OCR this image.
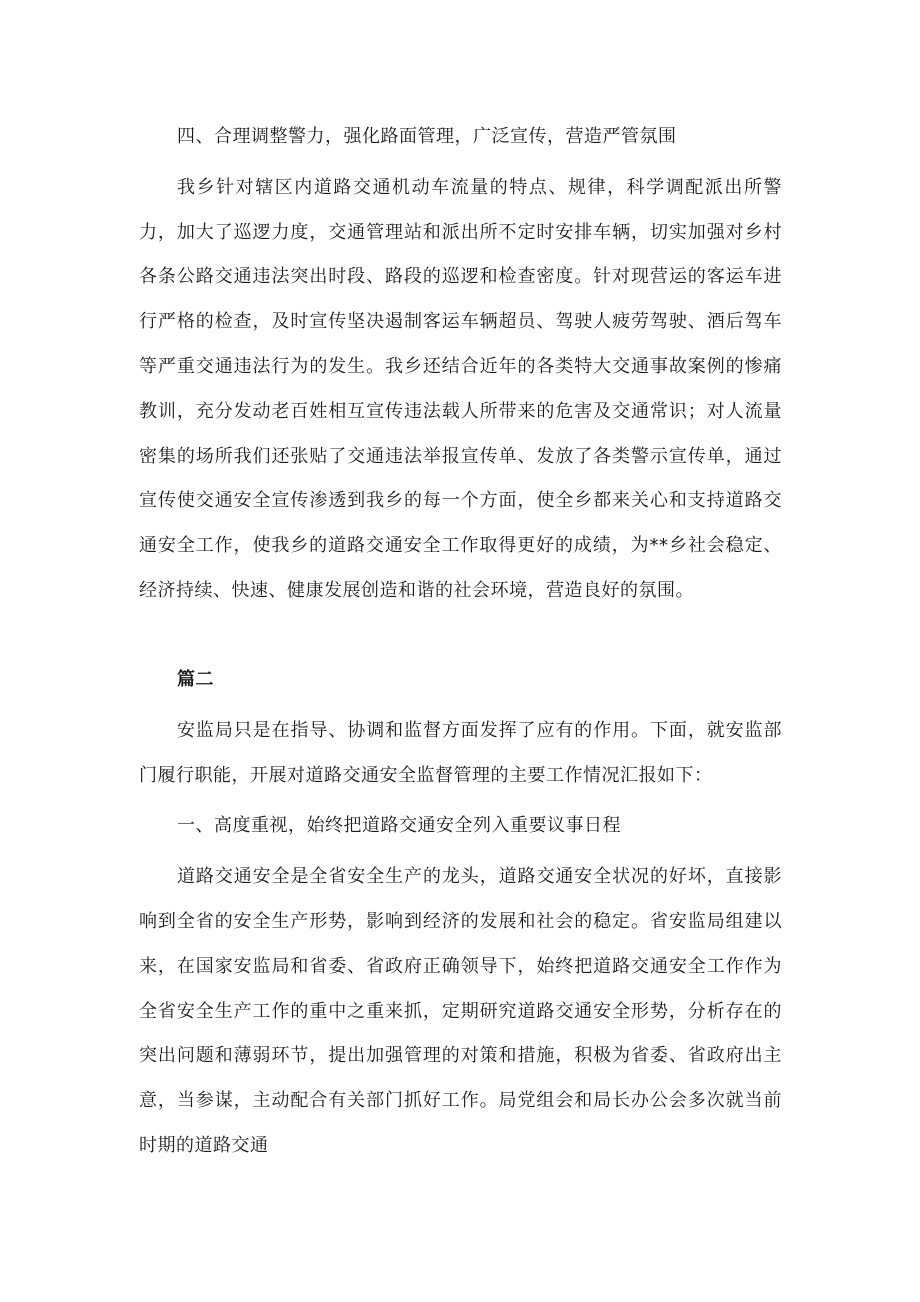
四、合理调整警力，强化路面管理，广泛宣传，营造严管氛围

我乡针对辖区内道路交通机动车流量的特点、规律，科学调配派出所警力，加大了巡逻力度，交通管理站和派出所不定时安排车辆，切实加强对乡村各条公路交通违法突出时段、路段的巡逻和检查密度。针对现营运的客运车进行严格的检查，及时宣传坚决遏制客运车辆超员、驾驶人疲劳驾驶、酒后驾车等严重交通违法行为的发生。我乡还结合近年的各类特大交通事故案例的惨痛教训，充分发动老百姓相互宣传违法载人所带来的危害及交通常识；对人流量密集的场所我们还张贴了交通违法举报宣传单、发放了各类警示宣传单，通过宣传使交通安全宣传渗透到我乡的每一个方面，使全乡都来关心和支持道路交通安全工作，使我乡的道路交通安全工作取得更好的成绩，为**乡社会稳定、经济持续、快速、健康发展创造和谐的社会环境，营造良好的氛围。

篇二

安监局只是在指导、协调和监督方面发挥了应有的作用。下面，就安监部门履行职能，开展对道路交通安全监督管理的主要工作情况汇报如下：

一、高度重视，始终把道路交通安全列入重要议事日程

道路交通安全是全省安全生产的龙头，道路交通安全状况的好坏，直接影响到全省的安全生产形势，影响到经济的发展和社会的稳定。省安监局组建以来，在国家安监局和省委、省政府正确领导下，始终把道路交通安全工作作为全省安全生产工作的重中之重来抓，定期研究道路交通安全形势，分析存在的突出问题和薄弱环节，提出加强管理的对策和措施，积极为省委、省政府出主意，当参谋，主动配合有关部门抓好工作。局党组会和局长办公会多次就当前时期的道路交通
